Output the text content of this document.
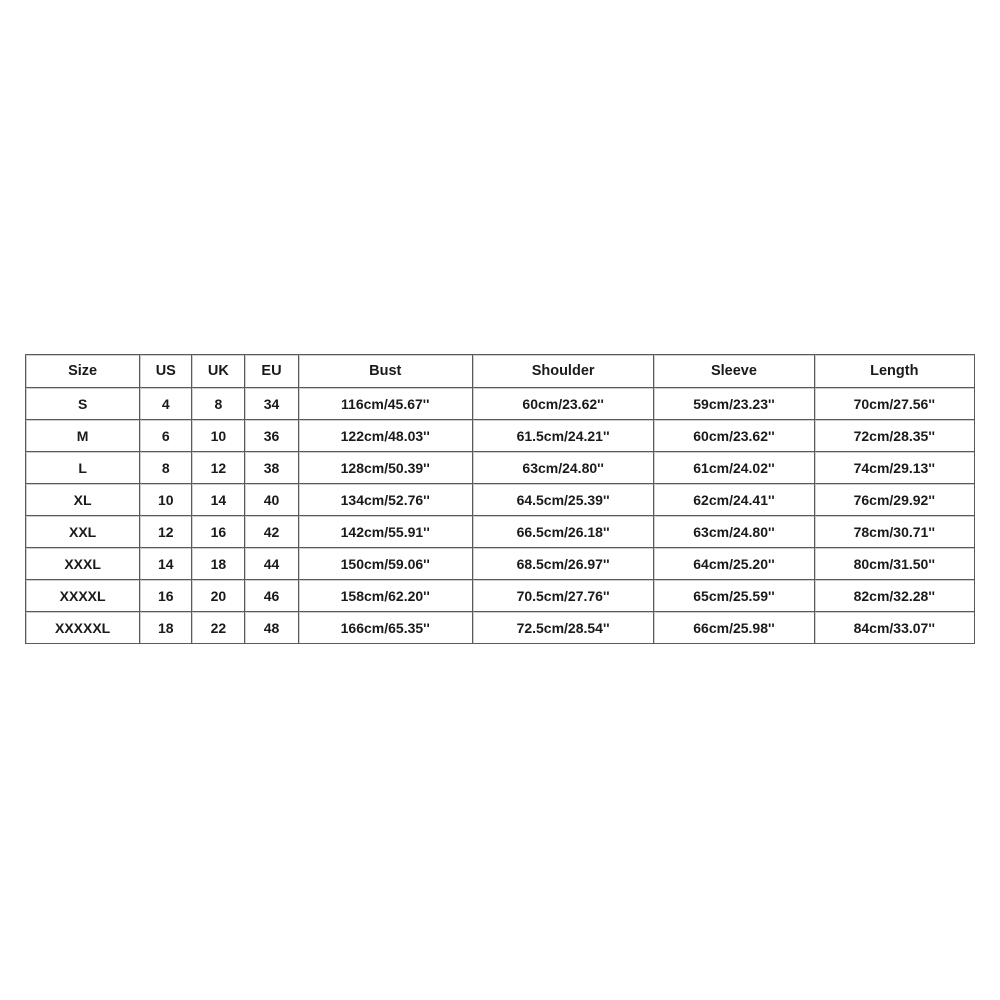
Size	US	UK	EU	Bust	Shoulder	Sleeve	Length
S	4	8	34	116cm/45.67''	60cm/23.62''	59cm/23.23''	70cm/27.56''
M	6	10	36	122cm/48.03''	61.5cm/24.21''	60cm/23.62''	72cm/28.35''
L	8	12	38	128cm/50.39''	63cm/24.80''	61cm/24.02''	74cm/29.13''
XL	10	14	40	134cm/52.76''	64.5cm/25.39''	62cm/24.41''	76cm/29.92''
XXL	12	16	42	142cm/55.91''	66.5cm/26.18''	63cm/24.80''	78cm/30.71''
XXXL	14	18	44	150cm/59.06''	68.5cm/26.97''	64cm/25.20''	80cm/31.50''
XXXXL	16	20	46	158cm/62.20''	70.5cm/27.76''	65cm/25.59''	82cm/32.28''
XXXXXL	18	22	48	166cm/65.35''	72.5cm/28.54''	66cm/25.98''	84cm/33.07''
